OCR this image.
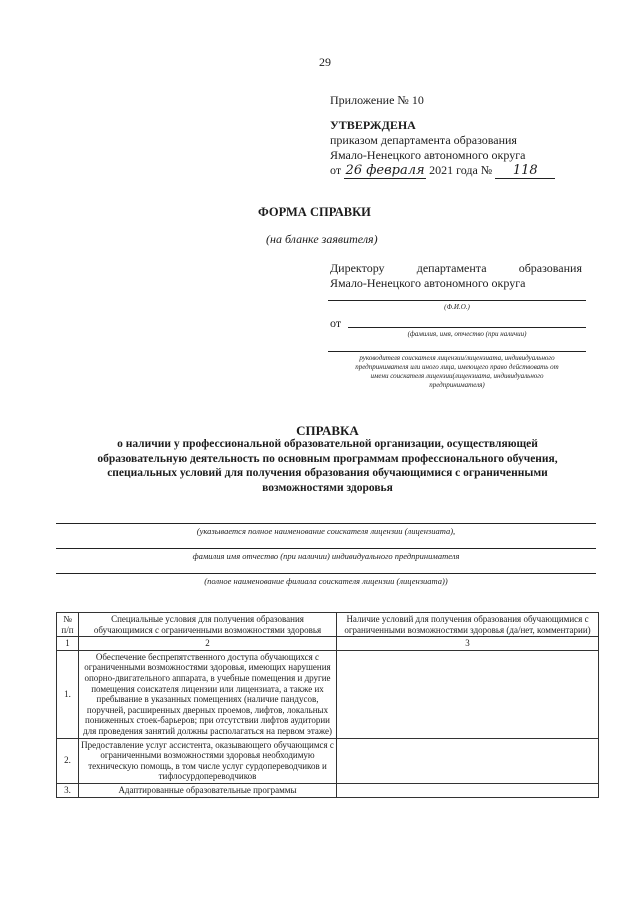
29
Приложение № 10
УТВЕРЖДЕНА
приказом департамента образования
Ямало-Ненецкого автономного округа
от 26 февраля 2021 года № 118
ФОРМА СПРАВКИ
(на бланке заявителя)
Директору	департамента	образования
Ямало-Ненецкого автономного округа
(Ф.И.О.)
от
(фамилия, имя, отчество (при наличии)
руководителя соискателя лицензии/лицензиата, индивидуального
предпринимателя или иного лица, имеющего право действовать от
имени соискателя лицензии(лицензиата, индивидуального
предпринимателя)
СПРАВКА
о наличии у профессиональной образовательной организации, осуществляющей
образовательную деятельность по основным программам профессионального обучения,
специальных условий для получения образования обучающимися с ограниченными
возможностями здоровья
(указывается полное наименование соискателя лицензии (лицензиата),
фамилия имя отчество (при наличии) индивидуального предпринимателя
(полное наименование филиала соискателя лицензии (лицензиата))
№ п/п	Специальные условия для получения образования обучающимися с ограниченными возможностями здоровья	Наличие условий для получения образования обучающимися с ограниченными возможностями здоровья (да/нет, комментарии)
1	2	3
1.	Обеспечение беспрепятственного доступа обучающихся с ограниченными возможностями здоровья, имеющих нарушения опорно-двигательного аппарата, в учебные помещения и другие помещения соискателя лицензии или лицензиата, а также их пребывание в указанных помещениях (наличие пандусов, поручней, расширенных дверных проемов, лифтов, локальных пониженных стоек-барьеров; при отсутствии лифтов аудитории для проведения занятий должны располагаться на первом этаже)	
2.	Предоставление услуг ассистента, оказывающего обучающимся с ограниченными возможностями здоровья необходимую техническую помощь, в том числе услуг сурдопереводчиков и тифлосурдопереводчиков	
3.	Адаптированные образовательные программы	
